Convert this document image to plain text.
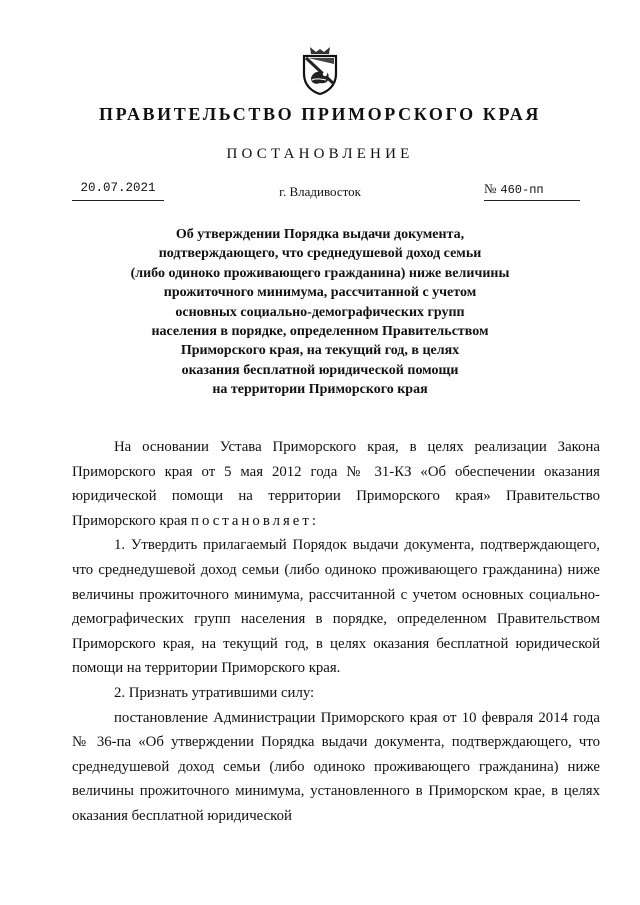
ПРАВИТЕЛЬСТВО ПРИМОРСКОГО КРАЯ
ПОСТАНОВЛЕНИЕ
20.07.2021	г. Владивосток	№ 460-пп
Об утверждении Порядка выдачи документа,
подтверждающего, что среднедушевой доход семьи
(либо одиноко проживающего гражданина) ниже величины
прожиточного минимума, рассчитанной с учетом
основных социально-демографических групп
населения в порядке, определенном Правительством
Приморского края, на текущий год, в целях
оказания бесплатной юридической помощи
на территории Приморского края

На основании Устава Приморского края, в целях реализации Закона Приморского края от 5 мая 2012 года № 31-КЗ «Об обеспечении оказания юридической помощи на территории Приморского края» Правительство Приморского края постановляет:

1. Утвердить прилагаемый Порядок выдачи документа, подтверждающего, что среднедушевой доход семьи (либо одиноко проживающего гражданина) ниже величины прожиточного минимума, рассчитанной с учетом основных социально-демографических групп населения в порядке, определенном Правительством Приморского края, на текущий год, в целях оказания бесплатной юридической помощи на территории Приморского края.

2. Признать утратившими силу:

постановление Администрации Приморского края от 10 февраля 2014 года № 36-па «Об утверждении Порядка выдачи документа, подтверждающего, что среднедушевой доход семьи (либо одиноко проживающего гражданина) ниже величины прожиточного минимума, установленного в Приморском крае, в целях оказания бесплатной юридической
